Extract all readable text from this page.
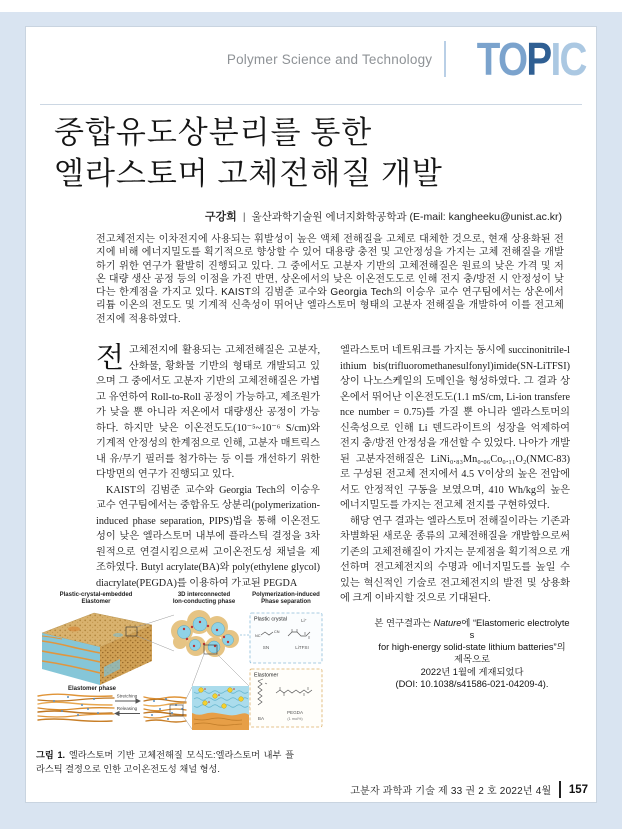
Polymer Science and Technology TOPIC
중합유도상분리를 통한
엘라스토머 고체전해질 개발
구강희 | 울산과학기술원 에너지화학공학과 (E-mail: kangheeku@unist.ac.kr)
전고체전지는 이차전지에 사용되는 휘발성이 높은 액체 전해질을 고체로 대체한 것으로, 현재 상용화된 전지에 비해 에너지밀도를 획기적으로 향상할 수 있어 대용량 충전 및 고안정성을 가지는 고체 전해질을 개발하기 위한 연구가 활발히 진행되고 있다. 그 중에서도 고분자 기반의 고체전해질은 원료의 낮은 가격 및 저온 대량 생산 공정 등의 이점을 가진 반면, 상온에서의 낮은 이온전도도로 인해 전지 충/방전 시 안정성이 낮다는 한계점을 가지고 있다. KAIST의 김범준 교수와 Georgia Tech의 이승우 교수 연구팀에서는 상온에서 리튬 이온의 전도도 및 기계적 신축성이 뛰어난 엘라스토머 형태의 고분자 전해질을 개발하여 이를 전고체전지에 적용하였다.

전고체전지에 활용되는 고체전해질은 고분자, 산화물, 황화물 기반의 형태로 개발되고 있으며 그 중에서도 고분자 기반의 고체전해질은 가볍고 유연하여 Roll-to-Roll 공정이 가능하고, 제조원가가 낮을 뿐 아니라 저온에서 대량생산 공정이 가능하다. 하지만 낮은 이온전도도(10⁻⁵~10⁻⁶ S/cm)와 기계적 안정성의 한계점으로 인해, 고분자 매트릭스 내 유/무기 필러를 첨가하는 등 이를 개선하기 위한 다방면의 연구가 진행되고 있다.

KAIST의 김범준 교수와 Georgia Tech의 이승우 교수 연구팀에서는 중합유도 상분리(polymerization-induced phase separation, PIPS)법을 통해 이온전도성이 낮은 엘라스토머 내부에 플라스틱 결정을 3차원적으로 연결시킴으로써 고이온전도성 채널을 제조하였다. Butyl acrylate(BA)와 poly(ethylene glycol) diacrylate(PEGDA)를 이용하여 가교된 PEGDA

엘라스토머 네트워크를 가지는 동시에 succinonitrile-lithium bis(trifluoromethanesulfonyl)imide(SN-LiTFSI) 상이 나노스케일의 도메인을 형성하였다. 그 결과 상온에서 뛰어난 이온전도도(1.1 mS/cm, Li-ion transference number = 0.75)를 가질 뿐 아니라 엘라스토머의 신축성으로 인해 Li 덴드라이트의 성장을 억제하여 전지 충/방전 안정성을 개선할 수 있었다. 나아가 개발된 고분자전해질은 LiNi₀.₈₃Mn₀.₀₆Co₀.₁₁O₂(NMC-83)로 구성된 전고체 전지에서 4.5 V이상의 높은 전압에서도 안정적인 구동을 보였으며, 410 Wh/kg의 높은 에너지밀도를 가지는 전고체 전지를 구현하였다.

해당 연구 결과는 엘라스토머 전해질이라는 기존과 차별화된 새로운 종류의 고체전해질을 개발함으로써 기존의 고체전해질이 가지는 문제점을 획기적으로 개선하며 전고체전지의 수명과 에너지밀도를 높일 수 있는 혁신적인 기술로 전고체전지의 발전 및 상용화에 크게 이바지할 것으로 기대된다.

본 연구결과는 Nature에 “Elastomeric electrolytes
for high-energy solid-state lithium batteries”의 제목으로
2022년 1월에 게재되었다
(DOI: 10.1038/s41586-021-04209-4).
Plastic-crystal-embedded
Elastomer
3D interconnected
Ion-conducting phase
Polymerization-induced
Phase separation
Plastic crystal
NC
CN
SN
Li⁺
LiTFSI
Elastomer
BA
PEGDA
(1 mol%)
Elastomer phase
Stretching
Releasing
그림 1. 엘라스토머 기반 고체전해질 모식도:엘라스토머 내부 플라스틱 결정으로 인한 고이온전도성 채널 형성.
고분자 과학과 기술 제 33 권 2 호 2022년 4월 157
